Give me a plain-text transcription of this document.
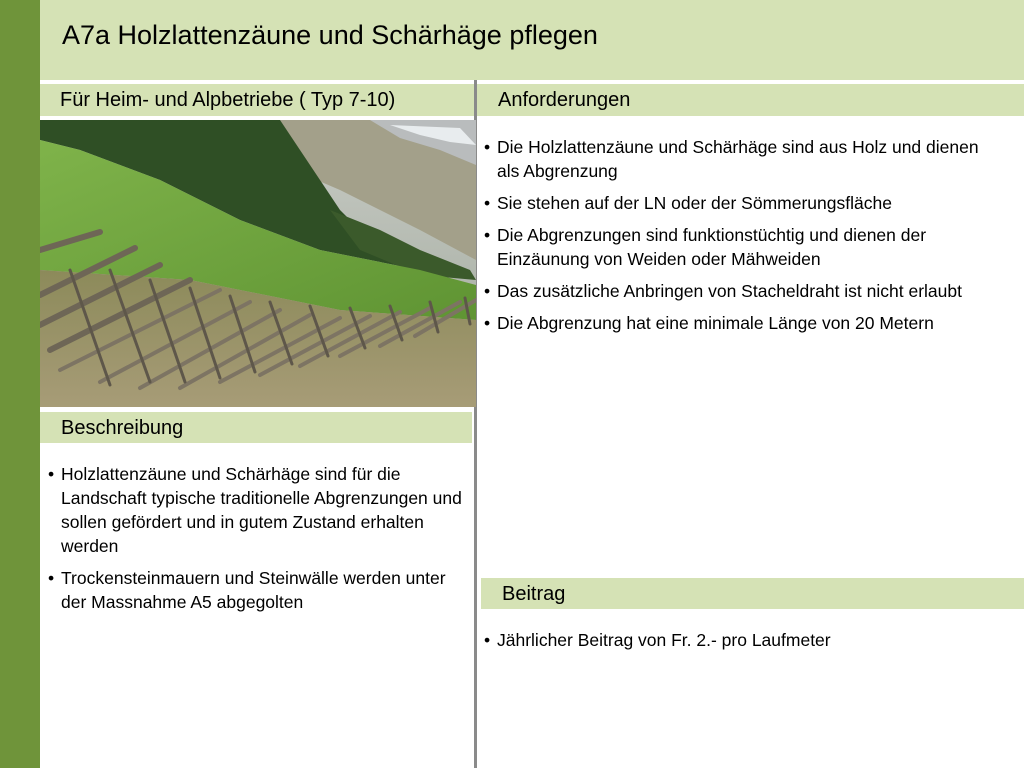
A7a Holzlattenzäune und Schärhäge pflegen
Für Heim- und Alpbetriebe ( Typ 7-10)	Anforderungen
Beschreibung
• Holzlattenzäune und Schärhäge sind für die Landschaft typische traditionelle Abgrenzungen und sollen gefördert und in gutem Zustand erhalten werden
• Trockensteinmauern und Steinwälle werden unter der Massnahme A5 abgegolten
• Die Holzlattenzäune und Schärhäge sind aus Holz und dienen als Abgrenzung
• Sie stehen auf der LN oder der Sömmerungsfläche
• Die Abgrenzungen sind funktionstüchtig und dienen der Einzäunung von Weiden oder Mähweiden
• Das zusätzliche Anbringen von Stacheldraht ist nicht erlaubt
• Die Abgrenzung hat eine minimale Länge von 20 Metern
Beitrag
• Jährlicher Beitrag von Fr. 2.- pro Laufmeter
